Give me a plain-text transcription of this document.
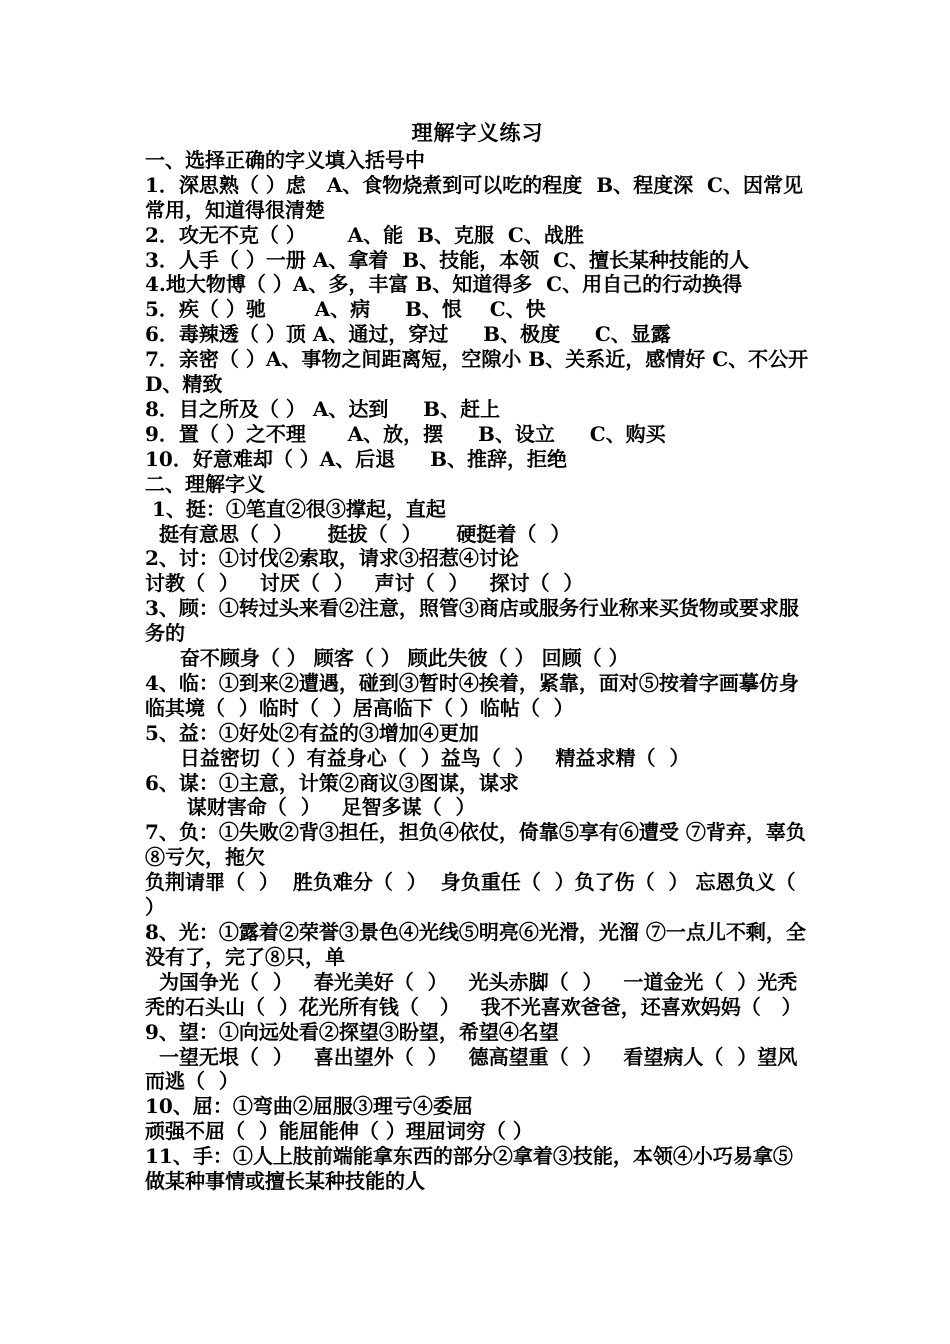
理解字义练习
一、选择正确的字义填入括号中
1．深思熟（ ）虑   A、食物烧煮到可以吃的程度  B、程度深  C、因常见常用，知道得很清楚
2．攻无不克（ ）      A、能  B、克服  C、战胜
3．人手（ ）一册 A、拿着  B、技能，本领  C、擅长某种技能的人
4.地大物博（ ）A、多，丰富 B、知道得多  C、用自己的行动换得
5．疾（ ）驰       A、病     B、恨    C、快
6．毒辣透（ ）顶 A、通过，穿过     B、极度     C、显露
7．亲密（ ）A、事物之间距离短，空隙小 B、关系近，感情好 C、不公开 D、精致
8．目之所及（ ） A、达到     B、赶上
9．置（ ）之不理      A、放，摆     B、设立     C、购买
10．好意难却（ ）A、后退     B、推辞，拒绝
二、理解字义
1、挺：①笔直②很③撑起，直起
挺有意思（  ）     挺拔（  ）     硬挺着（  ）
2、讨：①讨伐②索取，请求③招惹④讨论
讨教（  ）   讨厌（  ）   声讨（  ）   探讨（  ）
3、顾：①转过头来看②注意，照管③商店或服务行业称来买货物或要求服务的
奋不顾身（ ） 顾客（ ） 顾此失彼（ ） 回顾（ ）
4、临：①到来②遭遇，碰到③暂时④挨着，紧靠，面对⑤按着字画摹仿身临其境（  ）临时（  ）居高临下（ ）临帖（  ）
5、益：①好处②有益的③增加④更加
日益密切（ ）有益身心（  ）益鸟（  ）   精益求精（  ）
6、谋：①主意，计策②商议③图谋，谋求
谋财害命（  ）   足智多谋（  ）
7、负：①失败②背③担任，担负④依仗，倚靠⑤享有⑥遭受 ⑦背弃，辜负⑧亏欠，拖欠
负荆请罪（  ）  胜负难分（  ）  身负重任（  ）负了伤（  ） 忘恩负义（  ）
8、光：①露着②荣誉③景色④光线⑤明亮⑥光滑，光溜 ⑦一点儿不剩，全没有了，完了⑧只，单
为国争光（  ）   春光美好（  ）   光头赤脚（  ）   一道金光（  ）光秃秃的石头山（  ）花光所有钱（   ）   我不光喜欢爸爸，还喜欢妈妈（   ）
9、望：①向远处看②探望③盼望，希望④名望
一望无垠（  ）   喜出望外（  ）   德高望重（  ）   看望病人（  ）望风而逃（  ）
10、屈：①弯曲②屈服③理亏④委屈
顽强不屈（  ）能屈能伸（ ）理屈词穷（ ）
11、手：①人上肢前端能拿东西的部分②拿着③技能，本领④小巧易拿⑤做某种事情或擅长某种技能的人
